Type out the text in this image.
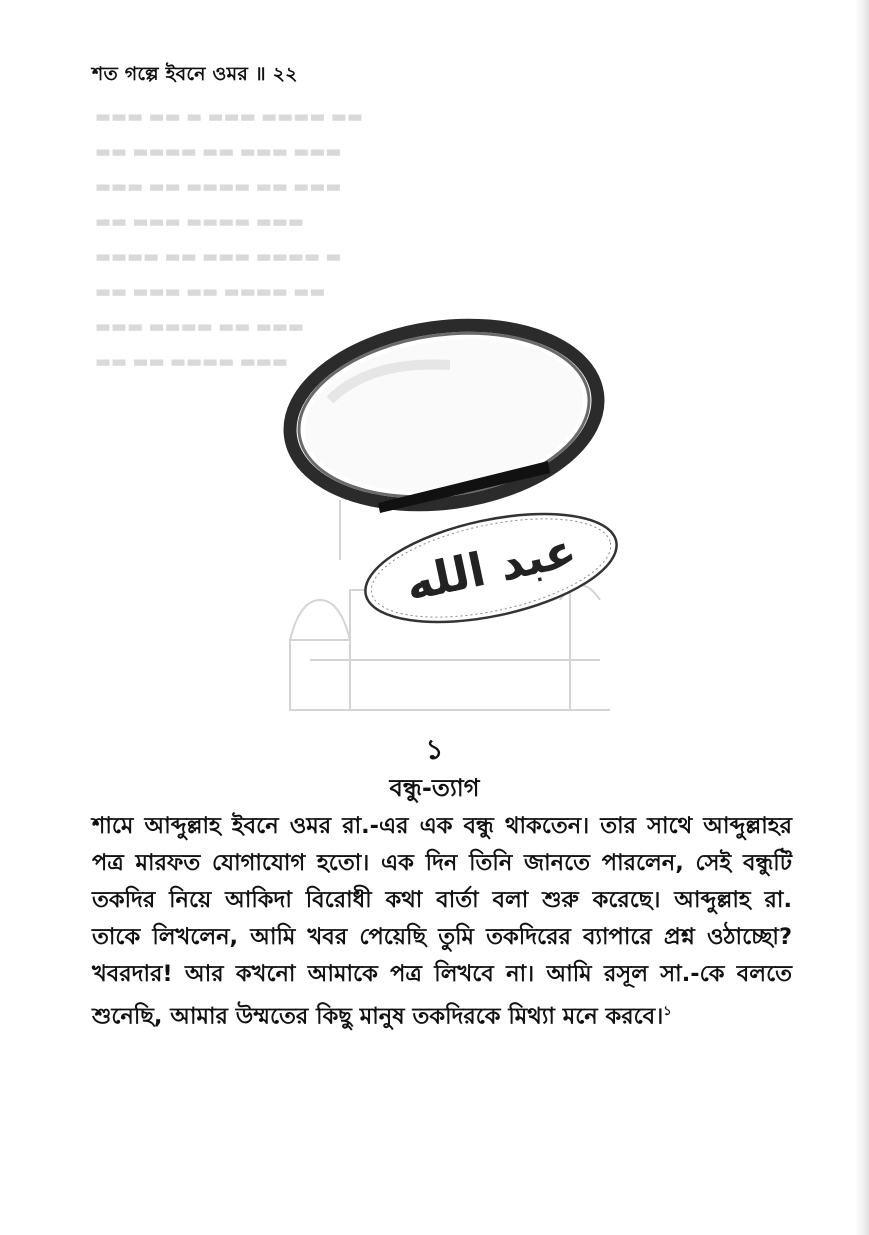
শত গল্পে ইবনে ওমর ॥ ২২
▬▬▬ ▬▬ ▬ ▬▬▬ ▬▬▬▬ ▬▬
▬▬ ▬▬▬▬ ▬▬ ▬▬▬ ▬▬▬
▬▬▬ ▬▬ ▬▬▬▬ ▬▬ ▬▬▬
▬▬ ▬▬▬ ▬▬▬▬ ▬▬▬
▬▬▬▬ ▬▬ ▬▬▬ ▬▬▬▬ ▬
▬▬ ▬▬▬ ▬▬ ▬▬▬▬ ▬▬
▬▬▬ ▬▬▬▬ ▬▬ ▬▬▬
▬▬ ▬▬ ▬▬▬▬ ▬▬▬
عبد الله
১
বন্ধু-ত্যাগ
শামে আব্দুল্লাহ ইবনে ওমর রা.-এর এক বন্ধু থাকতেন। তার সাথে আব্দুল্লাহর
পত্র মারফত যোগাযোগ হতো। এক দিন তিনি জানতে পারলেন, সেই বন্ধুটি
তকদির নিয়ে আকিদা বিরোধী কথা বার্তা বলা শুরু করেছে। আব্দুল্লাহ রা.
তাকে লিখলেন, আমি খবর পেয়েছি তুমি তকদিরের ব্যাপারে প্রশ্ন ওঠাচ্ছো?
খবরদার! আর কখনো আমাকে পত্র লিখবে না। আমি রসূল সা.-কে বলতে
শুনেছি, আমার উম্মতের কিছু মানুষ তকদিরকে মিথ্যা মনে করবে।$^১$
